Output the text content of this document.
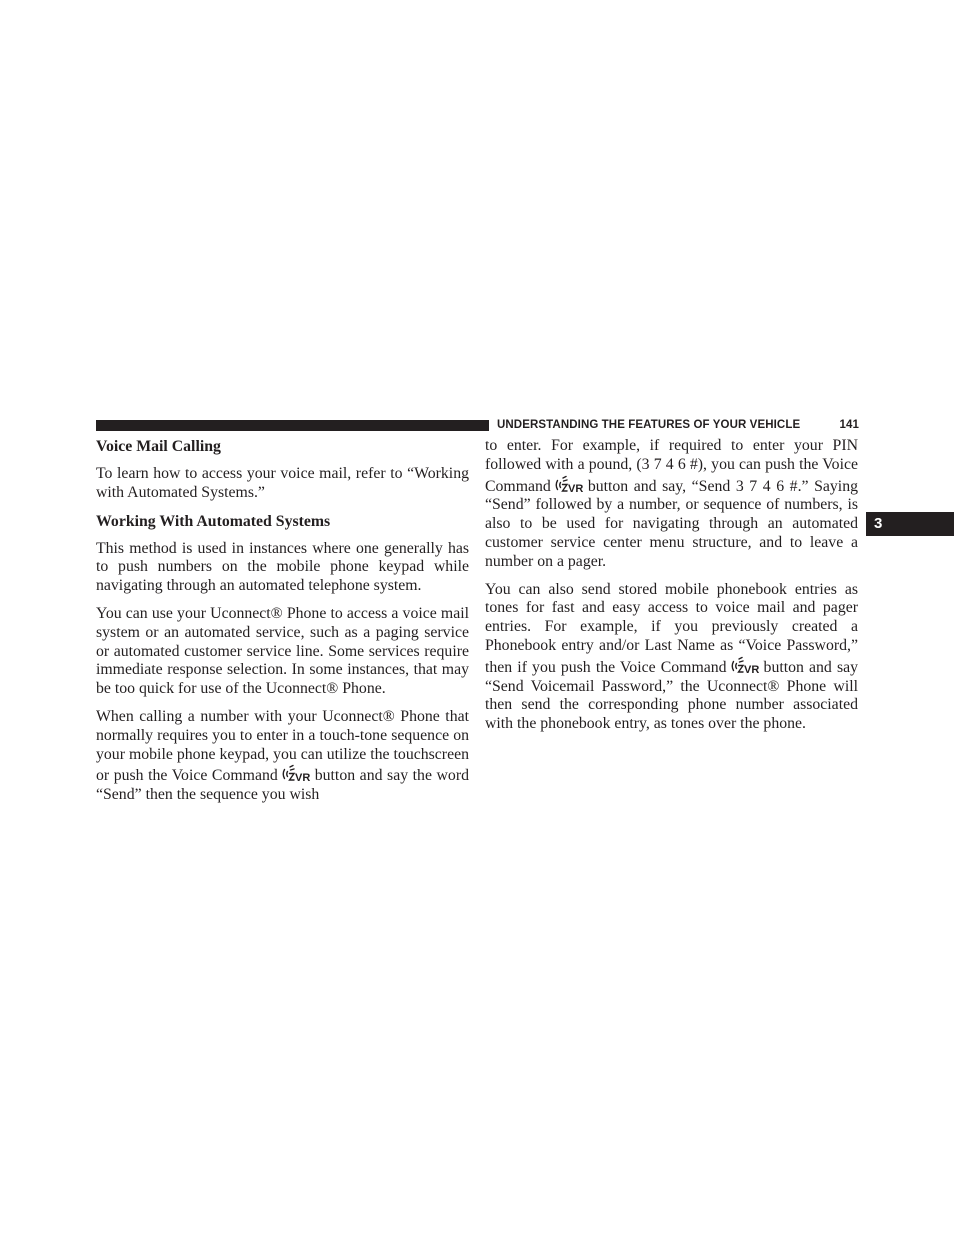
UNDERSTANDING THE FEATURES OF YOUR VEHICLE	141
3
Voice Mail Calling

To learn how to access your voice mail, refer to “Working with Automated Systems.”

Working With Automated Systems

This method is used in instances where one generally has to push numbers on the mobile phone keypad while navigating through an automated telephone system.

You can use your Uconnect® Phone to access a voice mail system or an automated service, such as a paging service or automated customer service line. Some services require immediate response selection. In some instances, that may be too quick for use of the Uconnect® Phone.

When calling a number with your Uconnect® Phone that normally requires you to enter in a touch-tone sequence on your mobile phone keypad, you can utilize the touchscreen or push the Voice Command VR button and say the word “Send” then the sequence you wish

to enter. For example, if required to enter your PIN followed with a pound, (3 7 4 6 #), you can push the Voice Command VR button and say, “Send 3 7 4 6 #.” Saying “Send” followed by a number, or sequence of numbers, is also to be used for navigating through an automated customer service center menu structure, and to leave a number on a pager.

You can also send stored mobile phonebook entries as tones for fast and easy access to voice mail and pager entries. For example, if you previously created a Phonebook entry and/or Last Name as “Voice Password,” then if you push the Voice Command VR button and say “Send Voicemail Password,” the Uconnect® Phone will then send the corresponding phone number associated with the phonebook entry, as tones over the phone.
